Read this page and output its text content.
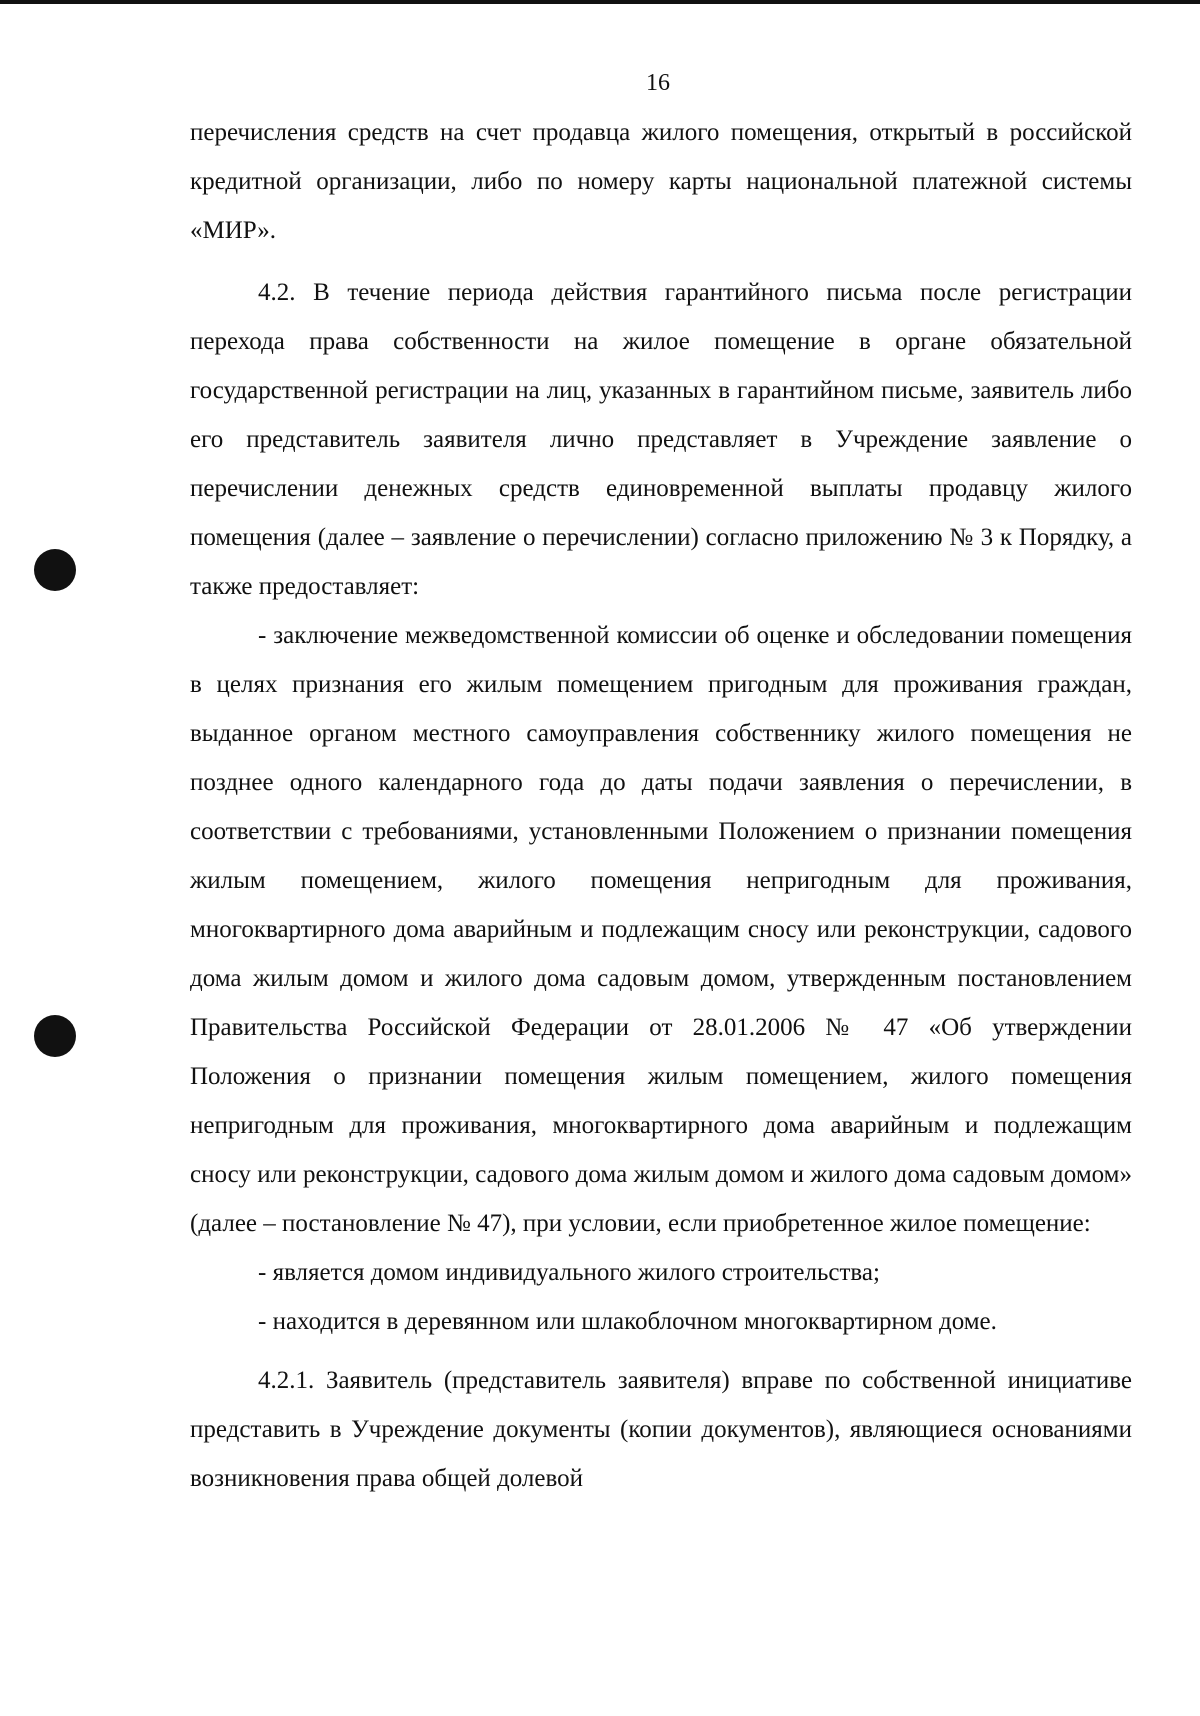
16

перечисления средств на счет продавца жилого помещения, открытый в российской кредитной организации, либо по номеру карты национальной платежной системы «МИР».

4.2. В течение периода действия гарантийного письма после регистрации перехода права собственности на жилое помещение в органе обязательной государственной регистрации на лиц, указанных в гарантийном письме, заявитель либо его представитель заявителя лично представляет в Учреждение заявление о перечислении денежных средств единовременной выплаты продавцу жилого помещения (далее – заявление о перечислении) согласно приложению № 3 к Порядку, а также предоставляет:

- заключение межведомственной комиссии об оценке и обследовании помещения в целях признания его жилым помещением пригодным для проживания граждан, выданное органом местного самоуправления собственнику жилого помещения не позднее одного календарного года до даты подачи заявления о перечислении, в соответствии с требованиями, установленными Положением о признании помещения жилым помещением, жилого помещения непригодным для проживания, многоквартирного дома аварийным и подлежащим сносу или реконструкции, садового дома жилым домом и жилого дома садовым домом, утвержденным постановлением Правительства Российской Федерации от 28.01.2006 № 47 «Об утверждении Положения о признании помещения жилым помещением, жилого помещения непригодным для проживания, многоквартирного дома аварийным и подлежащим сносу или реконструкции, садового дома жилым домом и жилого дома садовым домом» (далее – постановление № 47), при условии, если приобретенное жилое помещение:

- является домом индивидуального жилого строительства;

- находится в деревянном или шлакоблочном многоквартирном доме.

4.2.1. Заявитель (представитель заявителя) вправе по собственной инициативе представить в Учреждение документы (копии документов), являющиеся основаниями возникновения права общей долевой
